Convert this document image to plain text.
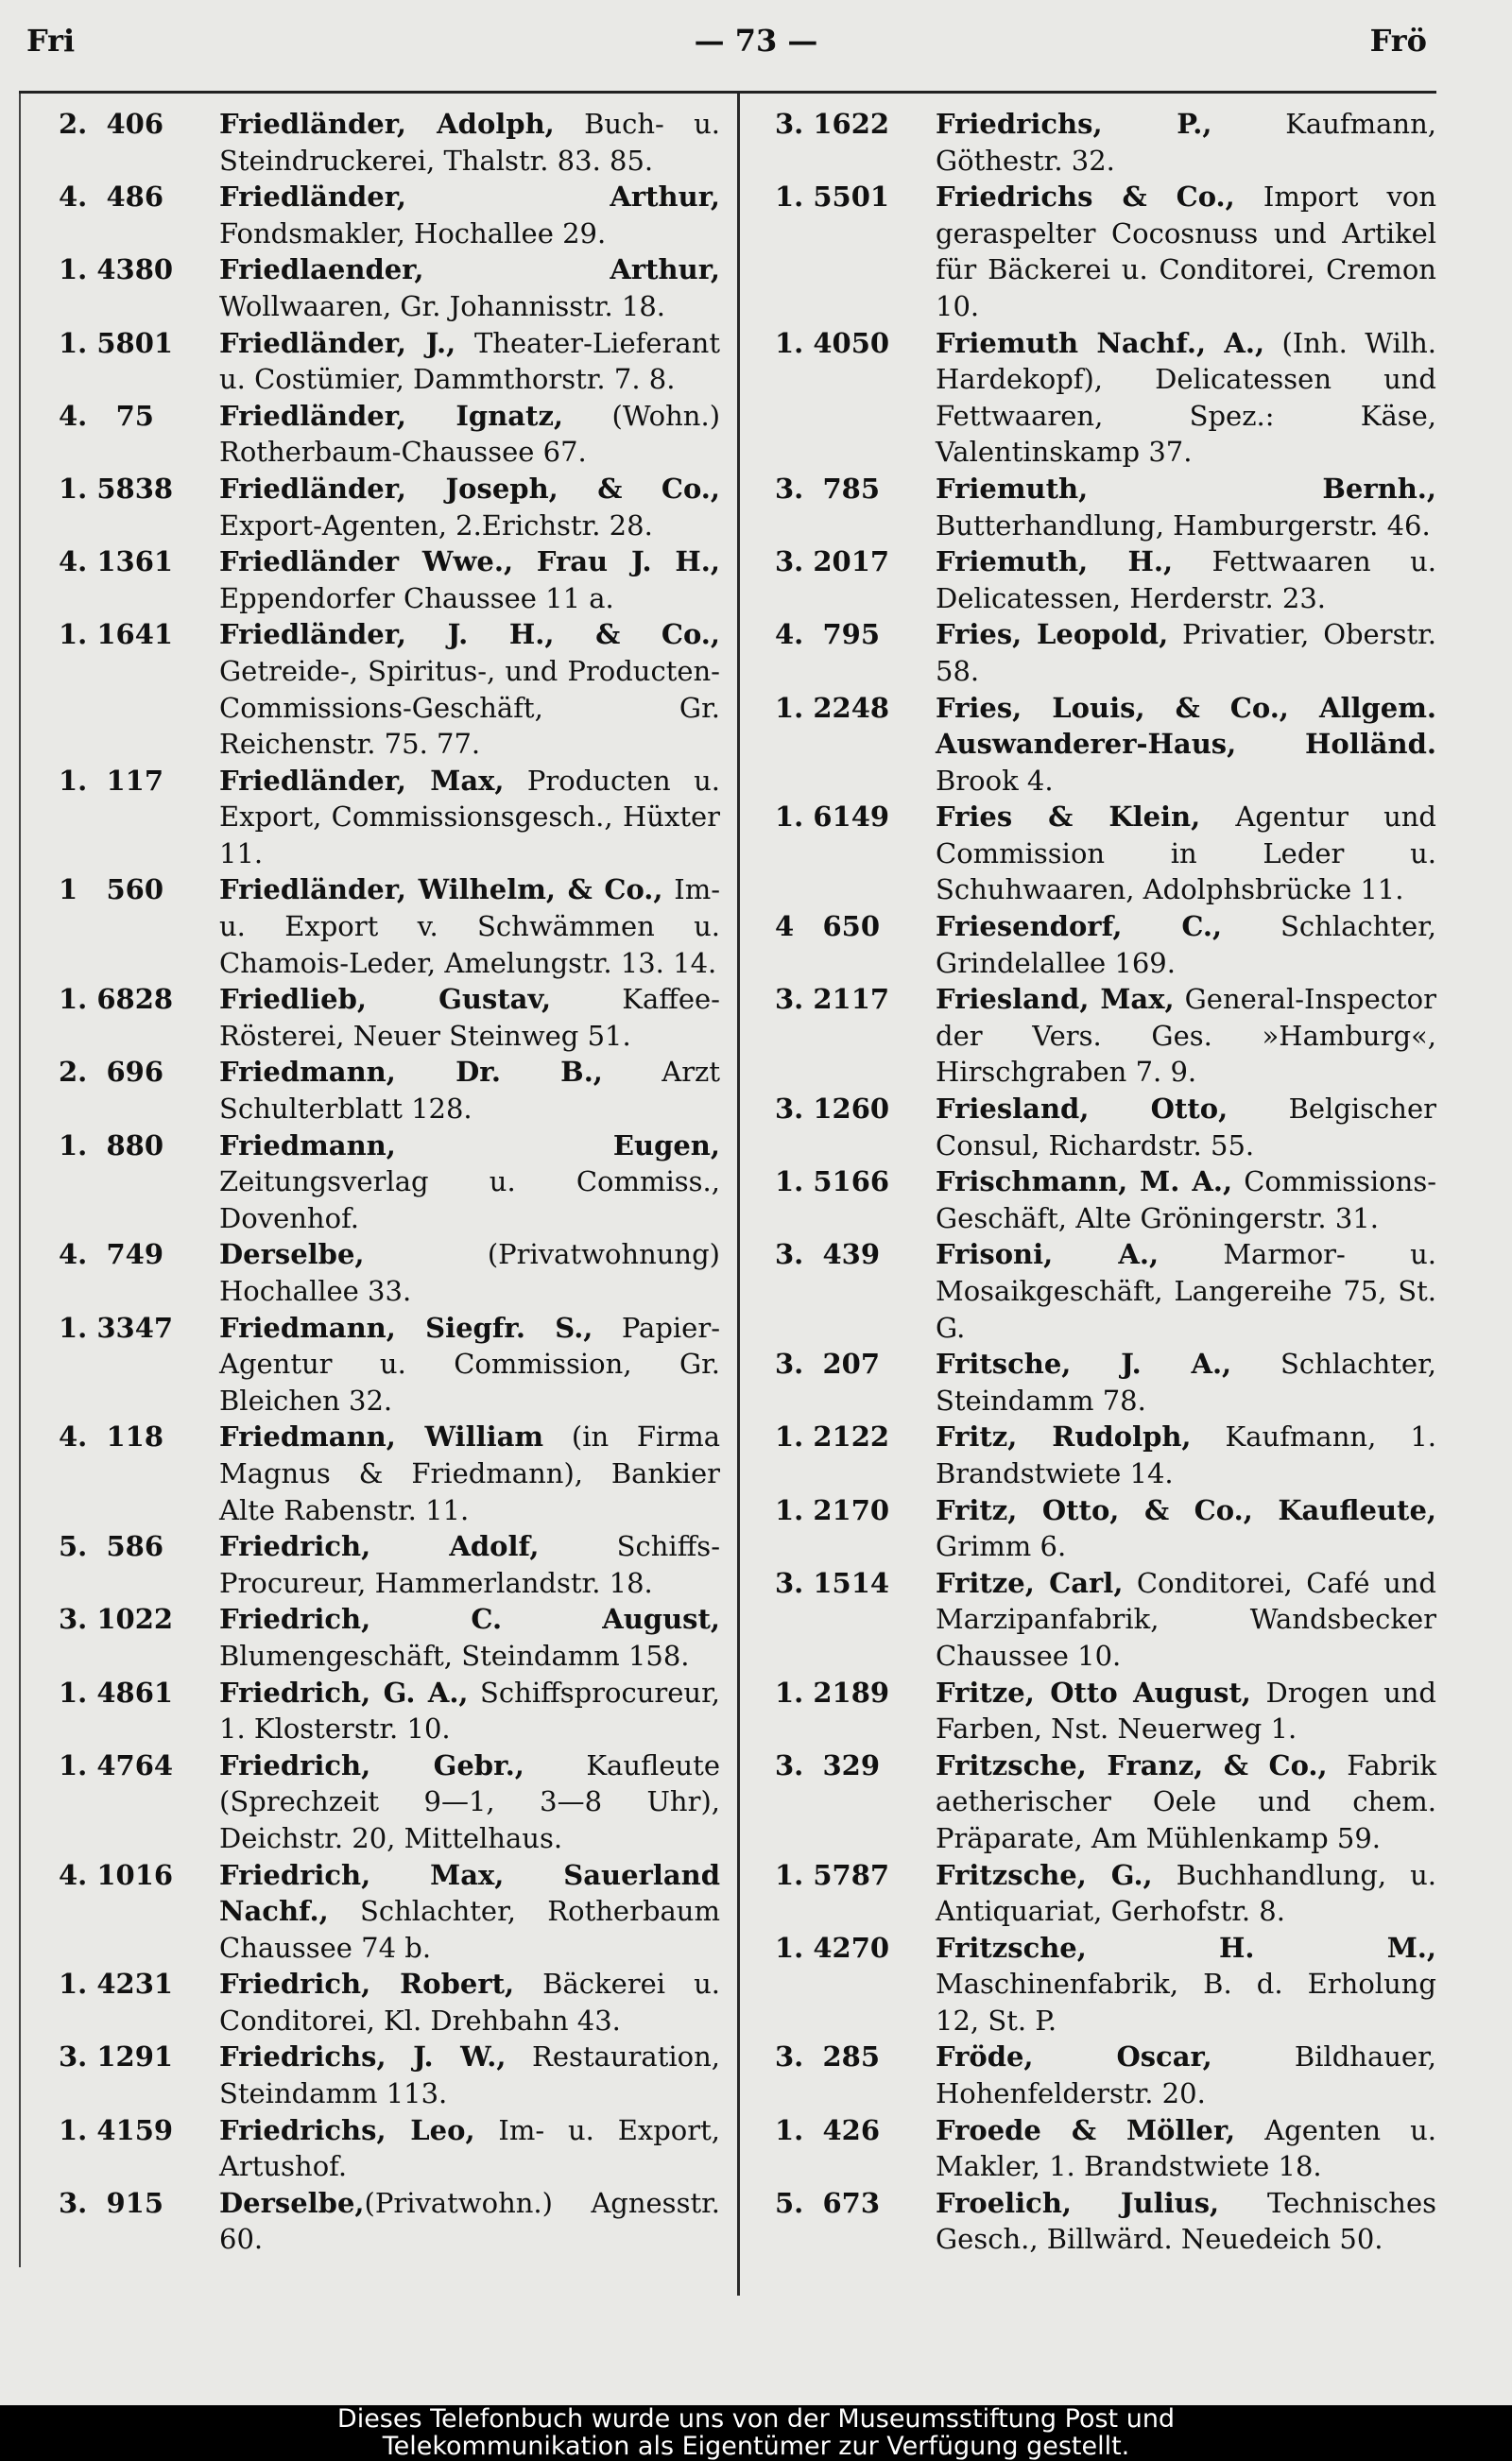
Fri	— 73 —	Frö
2.  406	Friedländer, Adolph, Buch- u. Steindruckerei, Thalstr. 83. 85.
4.  486	Friedländer, Arthur, Fondsmakler, Hochallee 29.
1. 4380	Friedlaender, Arthur, Wollwaaren, Gr. Johannisstr. 18.
1. 5801	Friedländer, J., Theater-Lieferant u. Costümier, Dammthorstr. 7. 8.
4.   75	Friedländer, Ignatz, (Wohn.) Rotherbaum-Chaussee 67.
1. 5838	Friedländer, Joseph, & Co., Export-Agenten, 2.Erichstr. 28.
4. 1361	Friedländer Wwe., Frau J. H., Eppendorfer Chaussee 11 a.
1. 1641	Friedländer, J. H., & Co., Getreide-, Spiritus-, und Producten-Commissions-Geschäft, Gr. Reichenstr. 75. 77.
1.  117	Friedländer, Max, Producten u. Export, Commissionsgesch., Hüxter 11.
1   560	Friedländer, Wilhelm, & Co., Im- u. Export v. Schwämmen u. Chamois-Leder, Amelungstr. 13. 14.
1. 6828	Friedlieb, Gustav, Kaffee-Rösterei, Neuer Steinweg 51.
2.  696	Friedmann, Dr. B., Arzt Schulterblatt 128.
1.  880	Friedmann, Eugen, Zeitungsverlag u. Commiss., Dovenhof.
4.  749	Derselbe, (Privatwohnung) Hochallee 33.
1. 3347	Friedmann, Siegfr. S., Papier-Agentur u. Commission, Gr. Bleichen 32.
4.  118	Friedmann, William (in Firma Magnus & Friedmann), Bankier Alte Rabenstr. 11.
5.  586	Friedrich, Adolf, Schiffs-Procureur, Hammerlandstr. 18.
3. 1022	Friedrich, C. August, Blumengeschäft, Steindamm 158.
1. 4861	Friedrich, G. A., Schiffsprocureur, 1. Klosterstr. 10.
1. 4764	Friedrich, Gebr., Kaufleute (Sprechzeit 9—1, 3—8 Uhr), Deichstr. 20, Mittelhaus.
4. 1016	Friedrich, Max, Sauerland Nachf., Schlachter, Rotherbaum Chaussee 74 b.
1. 4231	Friedrich, Robert, Bäckerei u. Conditorei, Kl. Drehbahn 43.
3. 1291	Friedrichs, J. W., Restauration, Steindamm 113.
1. 4159	Friedrichs, Leo, Im- u. Export, Artushof.
3.  915	Derselbe,(Privatwohn.) Agnesstr. 60.
3. 1622	Friedrichs, P., Kaufmann, Göthestr. 32.
1. 5501	Friedrichs & Co., Import von geraspelter Cocosnuss und Artikel für Bäckerei u. Conditorei, Cremon 10.
1. 4050	Friemuth Nachf., A., (Inh. Wilh. Hardekopf), Delicatessen und Fettwaaren, Spez.: Käse, Valentinskamp 37.
3.  785	Friemuth, Bernh., Butterhandlung, Hamburgerstr. 46.
3. 2017	Friemuth, H., Fettwaaren u. Delicatessen, Herderstr. 23.
4.  795	Fries, Leopold, Privatier, Oberstr. 58.
1. 2248	Fries, Louis, & Co., Allgem. Auswanderer-Haus, Holländ. Brook 4.
1. 6149	Fries & Klein, Agentur und Commission in Leder u. Schuhwaaren, Adolphsbrücke 11.
4   650	Friesendorf, C., Schlachter, Grindelallee 169.
3. 2117	Friesland, Max, General-Inspector der Vers. Ges. »Hamburg«, Hirschgraben 7. 9.
3. 1260	Friesland, Otto, Belgischer Consul, Richardstr. 55.
1. 5166	Frischmann, M. A., Commissions-Geschäft, Alte Gröningerstr. 31.
3.  439	Frisoni, A., Marmor- u. Mosaikgeschäft, Langereihe 75, St. G.
3.  207	Fritsche, J. A., Schlachter, Steindamm 78.
1. 2122	Fritz, Rudolph, Kaufmann, 1. Brandstwiete 14.
1. 2170	Fritz, Otto, & Co., Kaufleute, Grimm 6.
3. 1514	Fritze, Carl, Conditorei, Café und Marzipanfabrik, Wandsbecker Chaussee 10.
1. 2189	Fritze, Otto August, Drogen und Farben, Nst. Neuerweg 1.
3.  329	Fritzsche, Franz, & Co., Fabrik aetherischer Oele und chem. Präparate, Am Mühlenkamp 59.
1. 5787	Fritzsche, G., Buchhandlung, u. Antiquariat, Gerhofstr. 8.
1. 4270	Fritzsche, H. M., Maschinenfabrik, B. d. Erholung 12, St. P.
3.  285	Fröde, Oscar, Bildhauer, Hohenfelderstr. 20.
1.  426	Froede & Möller, Agenten u. Makler, 1. Brandstwiete 18.
5.  673	Froelich, Julius, Technisches Gesch., Billwärd. Neuedeich 50.
Dieses Telefonbuch wurde uns von der Museumsstiftung Post und
Telekommunikation als Eigentümer zur Verfügung gestellt.
